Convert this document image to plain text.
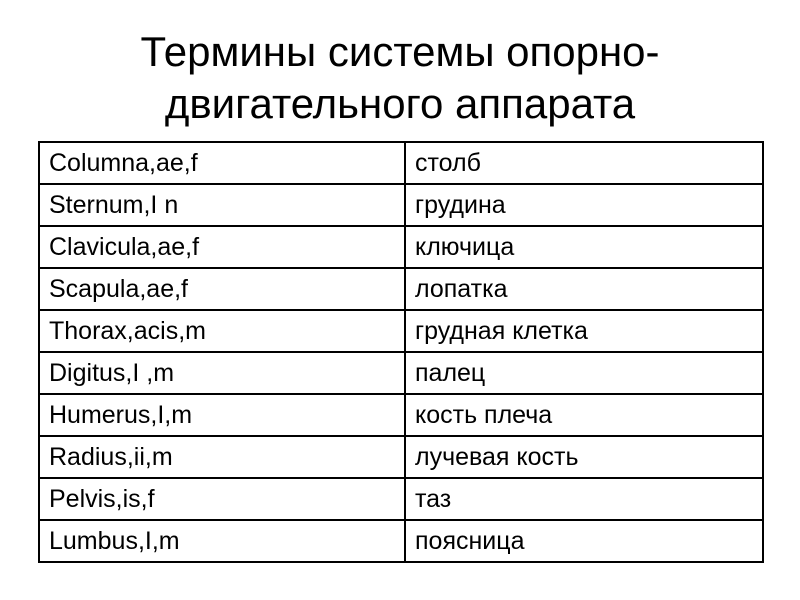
Термины системы опорно-
двигательного аппарата
Columna,ae,f	столб
Sternum,I n	грудина
Clavicula,ae,f	ключица
Scapula,ae,f	лопатка
Thorax,acis,m	грудная клетка
Digitus,I ,m	палец
Humerus,I,m	кость плеча
Radius,ii,m	лучевая кость
Pelvis,is,f	таз
Lumbus,I,m	поясница
